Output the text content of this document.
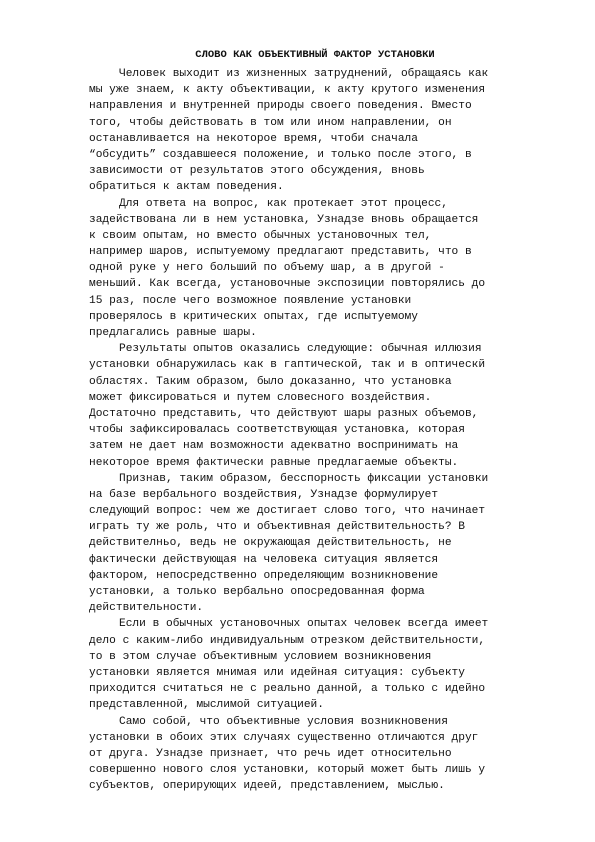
СЛОВО КАК ОБЪЕКТИВНЫЙ ФАКТОР УСТАНОВКИ
Человек выходит из жизненных затруднений, обращаясь как
мы уже знаем, к акту объективации, к акту крутого изменения
направления и внутренней природы своего поведения. Вместо
того, чтобы действовать в том или ином направлении, он
останавливается на некоторое время, чтоби сначала
“обсудить” создавшееся положение, и только после этого, в
зависимости от результатов этого обсуждения, вновь
обратиться к актам поведения.
Для ответа на вопрос, как протекает этот процесс,
задействована ли в нем установка, Узнадзе вновь обращается
к своим опытам, но вместо обычных установочных тел,
например шаров, испытуемому предлагают представить, что в
одной руке у него больший по объему шар, а в другой -
меньший. Как всегда, установочные экспозиции повторялись до
15 раз, после чего возможное появление установки
проверялось в критических опытах, где испытуемому
предлагались равные шары.
Результаты опытов оказались следующие: обычная иллюзия
установки обнаружилась как в гаптической, так и в оптическй
областях. Таким образом, было доказанно, что установка
может фиксироваться и путем словесного воздействия.
Достаточно представить, что действуют шары разных объемов,
чтобы зафиксировалась соответствующая установка, которая
затем не дает нам возможности адекватно воспринимать на
некоторое время фактически равные предлагаемые объекты.
Признав, таким образом, бесспорность фиксации установки
на базе вербального воздействия, Узнадзе формулирует
следующий вопрос: чем же достигает слово того, что начинает
играть ту же роль, что и объективная действительность? В
действителньо, ведь не окружающая действительность, не
фактически действующая на человека ситуация является
фактором, непосредственно определяющим возникновение
установки, а только вербально опосредованная форма
действительности.
Если в обычных установочных опытах человек всегда имеет
дело с каким-либо индивидуальным отрезком действительности,
то в этом случае объективным условием возникновения
установки является мнимая или идейная ситуация: субъекту
приходится считаться не с реально данной, а только с идейно
представленной, мыслимой ситуацией.
Само собой, что объективные условия возникновения
установки в обоих этих случаях существенно отличаются друг
от друга. Узнадзе признает, что речь идет относительно
совершенно нового слоя установки, который может быть лишь у
субъектов, оперирующих идеей, представлением, мыслью.
